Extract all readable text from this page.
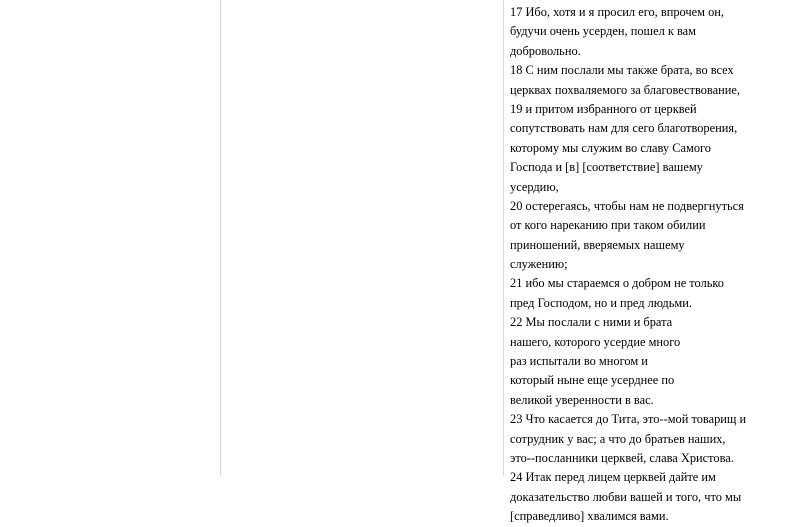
17 Ибо, хотя и я просил его, впрочем он,
будучи очень усерден, пошел к вам
добровольно.
18 С ним послали мы также брата, во всех
церквах похваляемого за благовествование,
19 и притом избранного от церквей
сопутствовать нам для сего благотворения,
которому мы служим во славу Самого
Господа и [в] [соответствие] вашему
усердию,
20 остерегаясь, чтобы нам не подвергнуться
от кого нареканию при таком обилии
приношений, вверяемых нашему
служению;
21 ибо мы стараемся о добром не только
пред Господом, но и пред людьми.
22 Мы послали с ними и брата
нашего, которого усердие много
раз испытали во многом и
который ныне еще усерднее по
великой уверенности в вас.
23 Что касается до Тита, это--мой товарищ и
сотрудник у вас; а что до братьев наших,
это--посланники церквей, слава Христова.
24 Итак перед лицем церквей дайте им
доказательство любви вашей и того, что мы
[справедливо] хвалимся вами.
